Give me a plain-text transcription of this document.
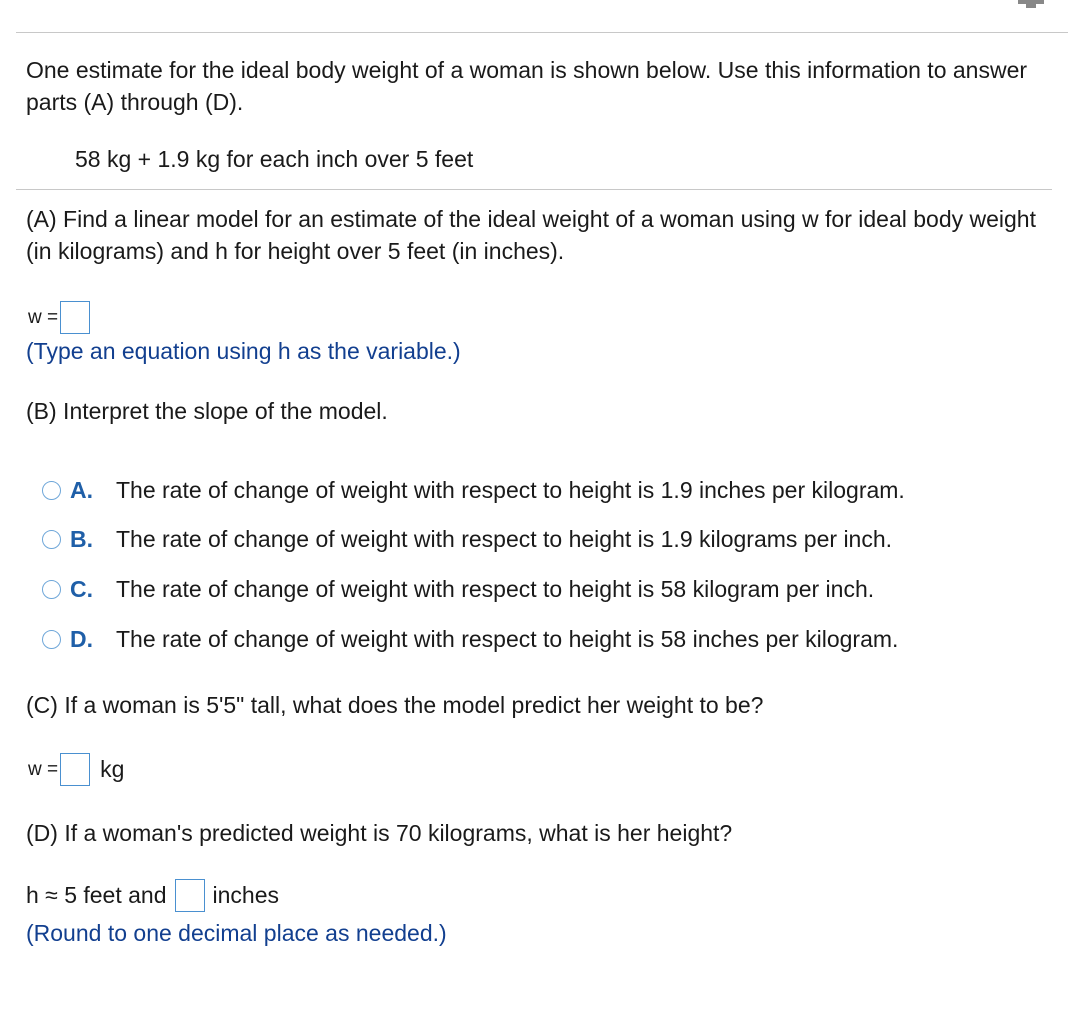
One estimate for the ideal body weight of a woman is shown below. Use this information to answer parts (A) through (D).

58 kg + 1.9 kg for each inch over 5 feet

(A) Find a linear model for an estimate of the ideal weight of a woman using w for ideal body weight (in kilograms) and h for height over 5 feet (in inches).

w =
(Type an equation using h as the variable.)

(B) Interpret the slope of the model.

A.	The rate of change of weight with respect to height is 1.9 inches per kilogram.
B.	The rate of change of weight with respect to height is 1.9 kilograms per inch.
C.	The rate of change of weight with respect to height is 58 kilogram per inch.
D.	The rate of change of weight with respect to height is 58 inches per kilogram.

(C) If a woman is 5'5" tall, what does the model predict her weight to be?

w = kg

(D) If a woman's predicted weight is 70 kilograms, what is her height?

h ≈ 5 feet and inches
(Round to one decimal place as needed.)
